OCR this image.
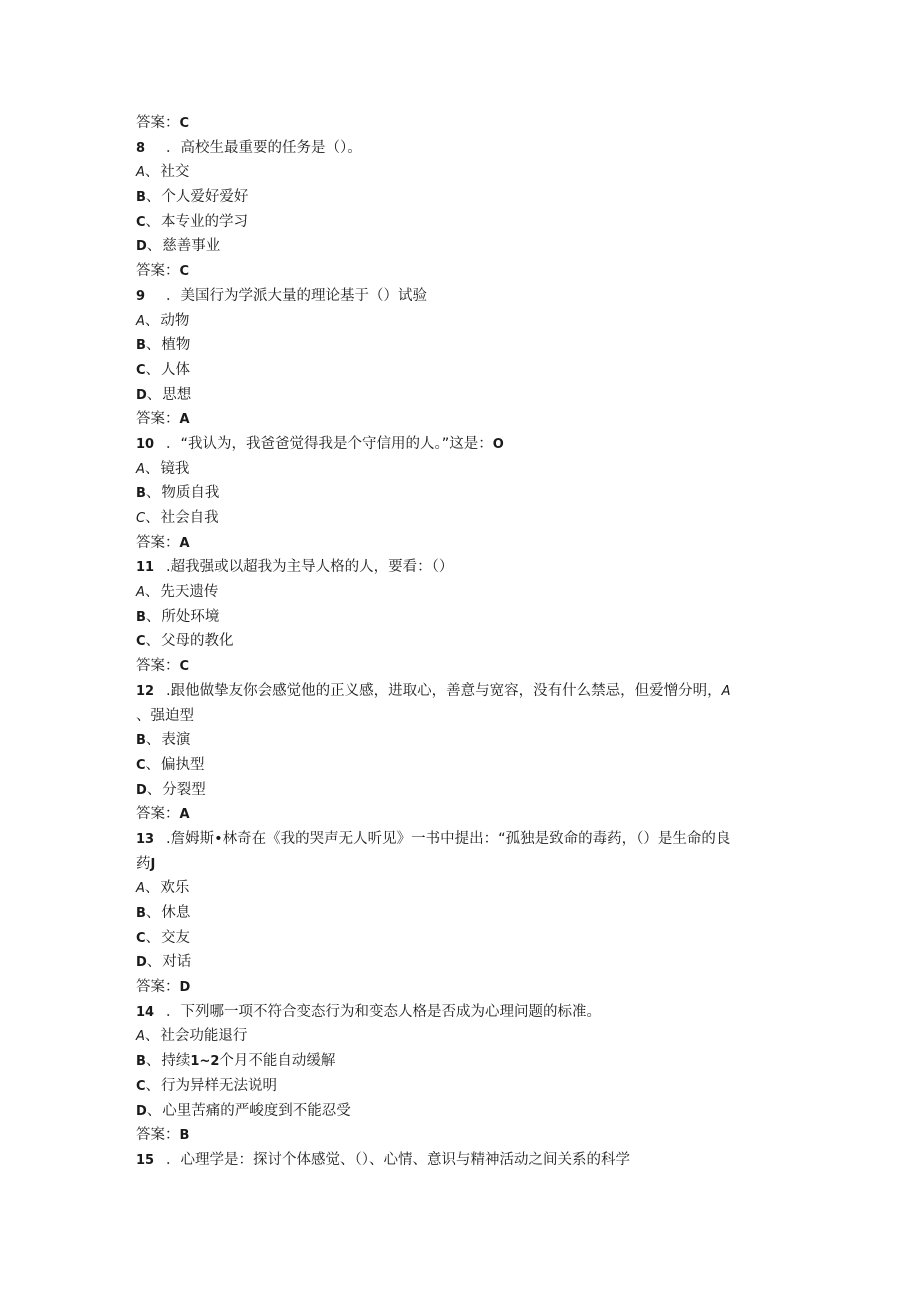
答案：C
8 ．高校生最重要的任务是（）。
A、社交
B、个人爱好爱好
C、本专业的学习
D、慈善事业
答案：C
9 ．美国行为学派大量的理论基于（）试验
A、动物
B、植物
C、人体
D、思想
答案：A
10 ．“我认为，我爸爸觉得我是个守信用的人。”这是：O
A、镜我
B、物质自我
C、社会自我
答案：A
11 .超我强或以超我为主导人格的人，要看：（）
A、先天遗传
B、所处环境
C、父母的教化
答案：C
12 .跟他做挚友你会感觉他的正义感，进取心，善意与宽容，没有什么禁忌，但爱憎分明，A
、强迫型
B、表演
C、偏执型
D、分裂型
答案：A
13 .詹姆斯•林奇在《我的哭声无人听见》一书中提出：“孤独是致命的毒药，（）是生命的良
药J
A、欢乐
B、休息
C、交友
D、对话
答案：D
14 ．下列哪一项不符合变态行为和变态人格是否成为心理问题的标准。
A、社会功能退行
B、持续1~2个月不能自动缓解
C、行为异样无法说明
D、心里苦痛的严峻度到不能忍受
答案：B
15 ．心理学是：探讨个体感觉、（）、心情、意识与精神活动之间关系的科学
